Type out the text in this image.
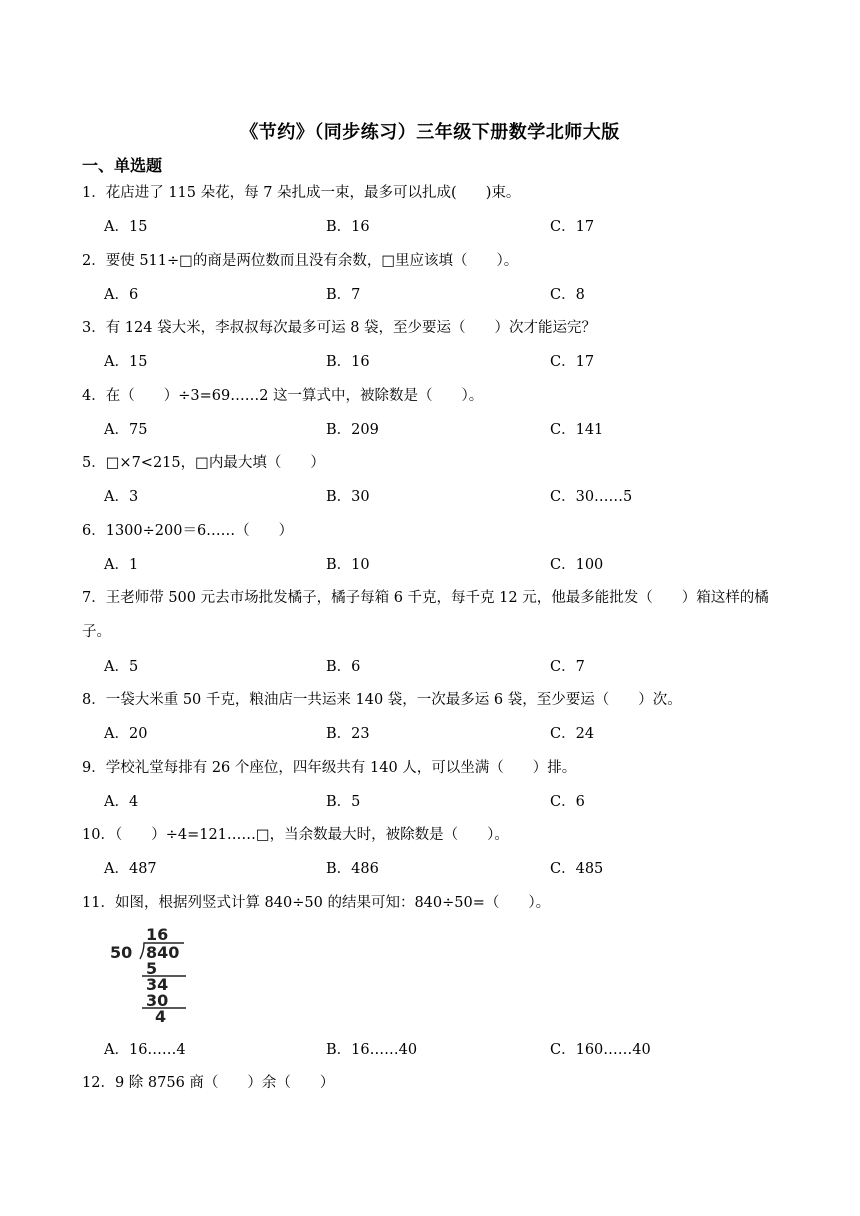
《节约》（同步练习）三年级下册数学北师大版
一、单选题
1．花店进了 115 朵花，每 7 朵扎成一束，最多可以扎成(　　)束。
A．15	B．16	C．17
2．要使 511÷□的商是两位数而且没有余数，□里应该填（　　）。
A．6	B．7	C．8
3．有 124 袋大米，李叔叔每次最多可运 8 袋，至少要运（　　）次才能运完？
A．15	B．16	C．17
4．在（　　）÷3=69……2 这一算式中，被除数是（　　）。
A．75	B．209	C．141
5．□×7<215，□内最大填（　　）
A．3	B．30	C．30……5
6．1300÷200＝6……（　　）
A．1	B．10	C．100
7．王老师带 500 元去市场批发橘子，橘子每箱 6 千克，每千克 12 元，他最多能批发（　　）箱这样的橘子。
A．5	B．6	C．7
8．一袋大米重 50 千克，粮油店一共运来 140 袋，一次最多运 6 袋，至少要运（　　）次。
A．20	B．23	C．24
9．学校礼堂每排有 26 个座位，四年级共有 140 人，可以坐满（　　）排。
A．4	B．5	C．6
10．（　　）÷4=121……□，当余数最大时，被除数是（　　）。
A．487	B．486	C．485
11．如图，根据列竖式计算 840÷50 的结果可知：840÷50=（　　）。
16
50 840
5
34
30
4
A．16……4	B．16……40	C．160……40
12．9 除 8756 商（　　）余（　　）
